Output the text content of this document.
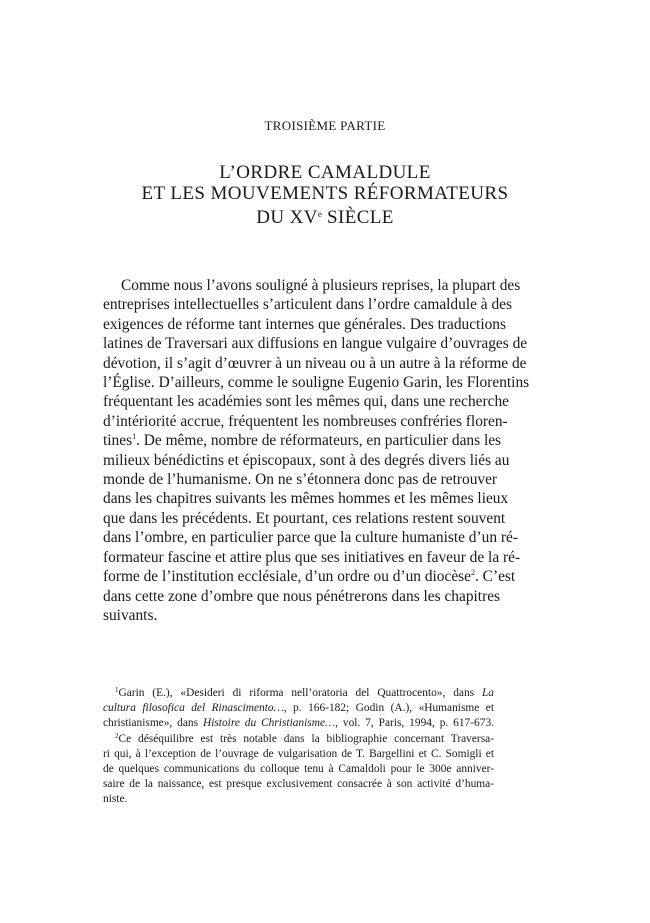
TROISIÈME PARTIE
L’ORDRE CAMALDULE
ET LES MOUVEMENTS RÉFORMATEURS
DU XVe SIÈCLE
Comme nous l’avons souligné à plusieurs reprises, la plupart des
entreprises intellectuelles s’articulent dans l’ordre camaldule à des
exigences de réforme tant internes que générales. Des traductions
latines de Traversari aux diffusions en langue vulgaire d’ouvrages de
dévotion, il s’agit d’œuvrer à un niveau ou à un autre à la réforme de
l’Église. D’ailleurs, comme le souligne Eugenio Garin, les Florentins
fréquentant les académies sont les mêmes qui, dans une recherche
d’intériorité accrue, fréquentent les nombreuses confréries floren-
tines$^1$. De même, nombre de réformateurs, en particulier dans les
milieux bénédictins et épiscopaux, sont à des degrés divers liés au
monde de l’humanisme. On ne s’étonnera donc pas de retrouver
dans les chapitres suivants les mêmes hommes et les mêmes lieux
que dans les précédents. Et pourtant, ces relations restent souvent
dans l’ombre, en particulier parce que la culture humaniste d’un ré-
formateur fascine et attire plus que ses initiatives en faveur de la ré-
forme de l’institution ecclésiale, d’un ordre ou d’un diocèse$^2$. C’est
dans cette zone d’ombre que nous pénétrerons dans les chapitres
suivants.
$^1$Garin (E.), «Desideri di riforma nell’oratoria del Quattrocento», dans La
cultura filosofica del Rinascimento…, p. 166-182; Godin (A.), «Humanisme et
christianisme», dans Histoire du Christianisme…, vol. 7, Paris, 1994, p. 617-673.
$^2$Ce déséquilibre est très notable dans la bibliographie concernant Traversa-
ri qui, à l’exception de l’ouvrage de vulgarisation de T. Bargellini et C. Somigli et
de quelques communications du colloque tenu à Camaldoli pour le 300e anniver-
saire de la naissance, est presque exclusivement consacrée à son activité d’huma-
niste.
